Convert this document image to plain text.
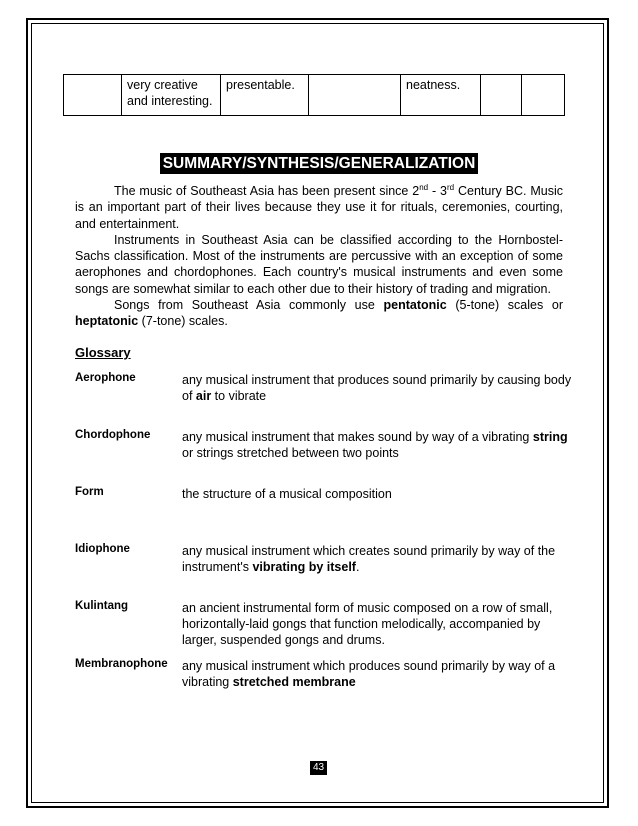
	very creative and interesting.	presentable.		neatness.		
SUMMARY/SYNTHESIS/GENERALIZATION

The music of Southeast Asia has been present since 2nd - 3rd Century BC. Music is an important part of their lives because they use it for rituals, ceremonies, courting, and entertainment.

Instruments in Southeast Asia can be classified according to the Hornbostel-Sachs classification. Most of the instruments are percussive with an exception of some aerophones and chordophones. Each country's musical instruments and even some songs are somewhat similar to each other due to their history of trading and migration.

Songs from Southeast Asia commonly use pentatonic (5-tone) scales or heptatonic (7-tone) scales.

Glossary
Aerophone	any musical instrument that produces sound primarily by causing body of air to vibrate
Chordophone	any musical instrument that makes sound by way of a vibrating string or strings stretched between two points
Form	the structure of a musical composition
Idiophone	any musical instrument which creates sound primarily by way of the instrument's vibrating by itself.
Kulintang	an ancient instrumental form of music composed on a row of small, horizontally-laid gongs that function melodically, accompanied by larger, suspended gongs and drums.
Membranophone any musical instrument which produces sound primarily by way of a vibrating stretched membrane
43
